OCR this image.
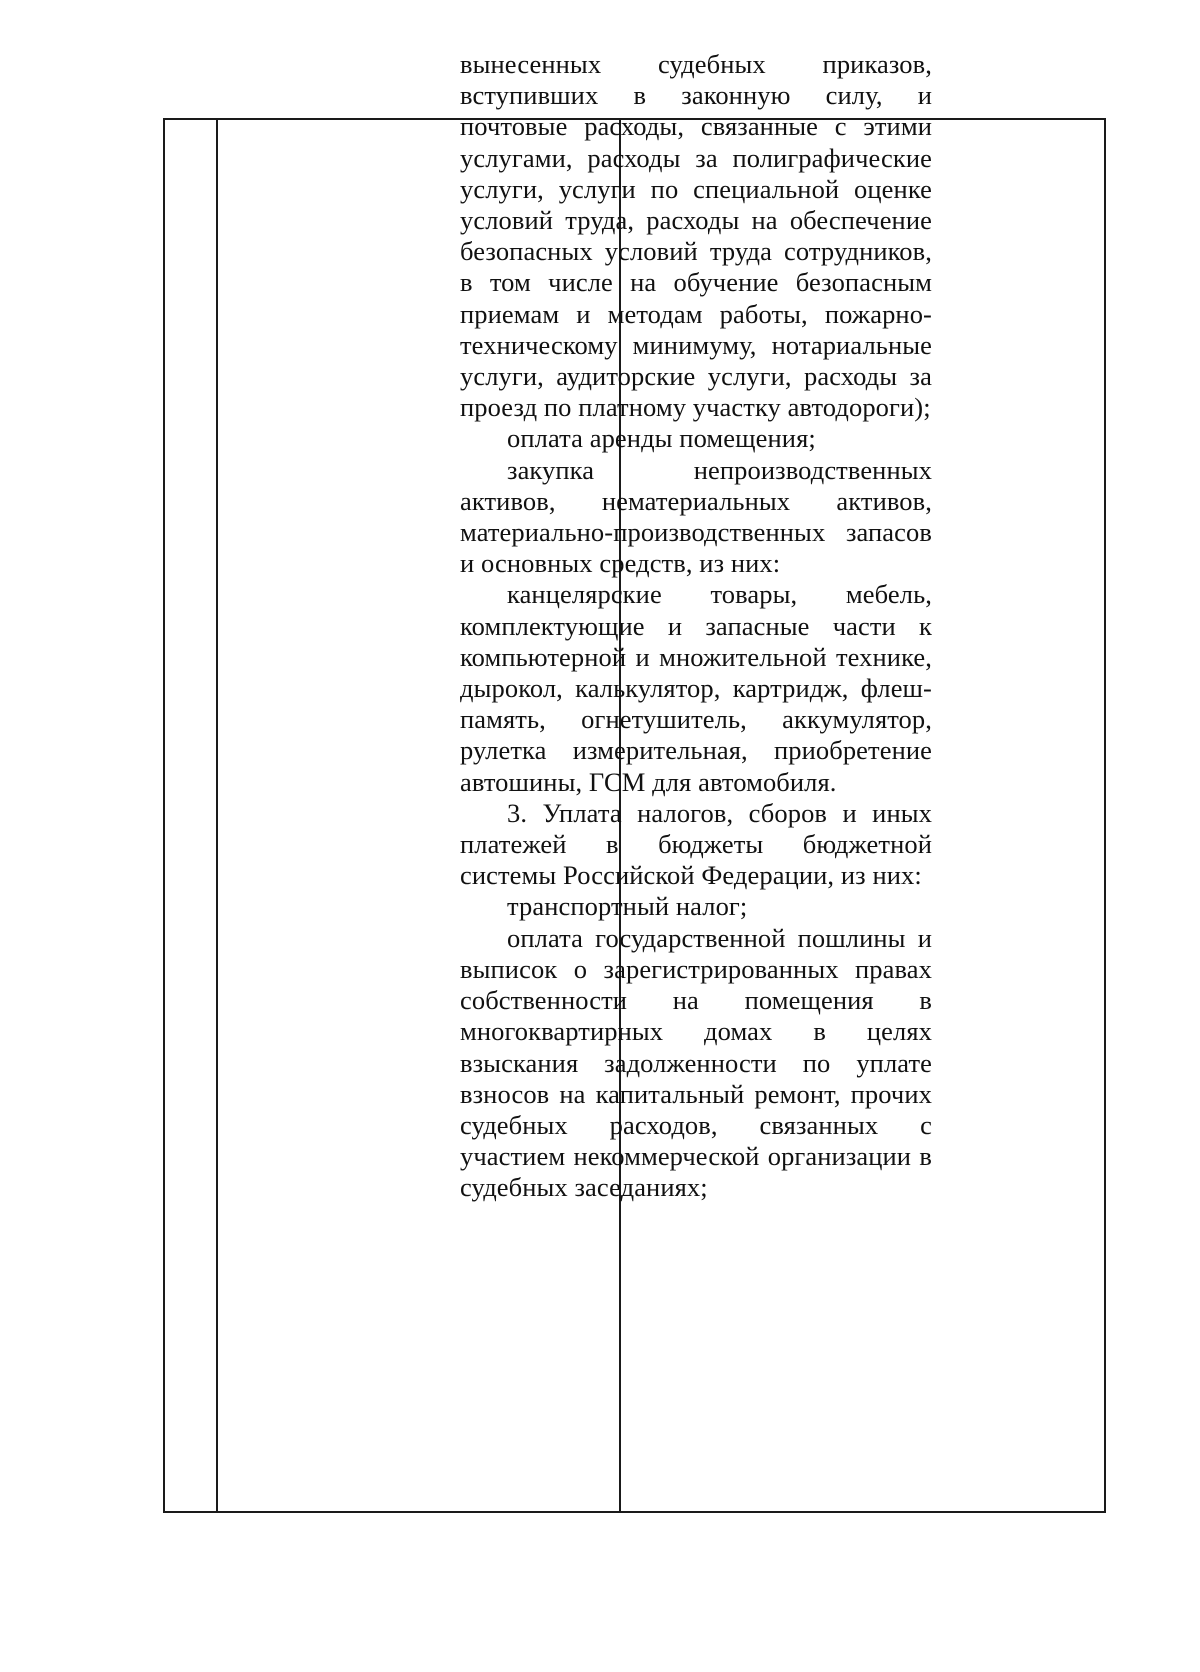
вынесенных судебных приказов, вступивших в законную силу, и почтовые расходы, связанные с этими услугами, расходы за полиграфические услуги, услуги по специальной оценке условий труда, расходы на обеспечение безопасных условий труда сотрудников, в том числе на обучение безопасным приемам и методам работы, пожарно-техническому минимуму, нотариальные услуги, аудиторские услуги, расходы за проезд по платному участку автодороги);

оплата аренды помещения;

закупка непроизводственных активов, нематериальных активов, материально-производственных запасов и основных средств, из них:

канцелярские товары, мебель, комплектующие и запасные части к компьютерной и множительной технике, дырокол, калькулятор, картридж, флеш-память, огнетушитель, аккумулятор, рулетка измерительная, приобретение автошины, ГСМ для автомобиля.

3. Уплата налогов, сборов и иных платежей в бюджеты бюджетной системы Российской Федерации, из них:

транспортный налог;

оплата государственной пошлины и выписок о зарегистрированных правах собственности на помещения в многоквартирных домах в целях взыскания задолженности по уплате взносов на капитальный ремонт, прочих судебных расходов, связанных с участием некоммерческой организации в судебных заседаниях;
